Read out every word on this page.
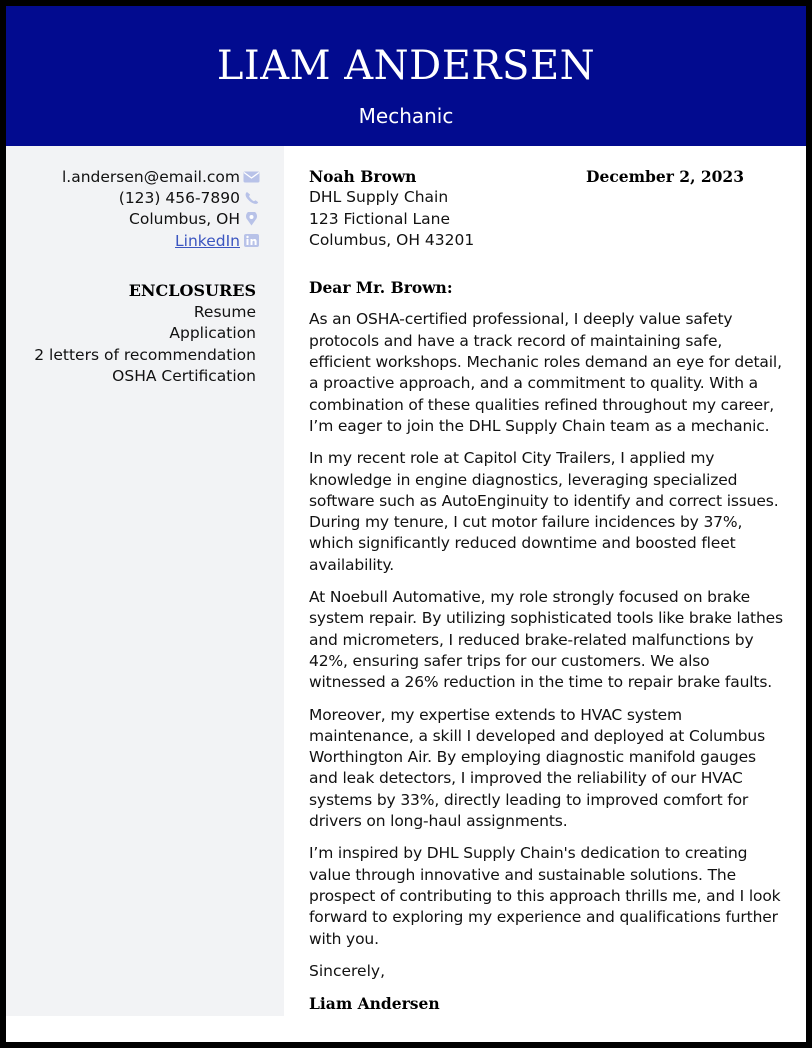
LIAM ANDERSEN
Mechanic
l.andersen@email.com
(123) 456-7890
Columbus, OH
LinkedIn
ENCLOSURES
Resume
Application
2 letters of recommendation
OSHA Certification
December 2, 2023
Noah Brown
DHL Supply Chain
123 Fictional Lane
Columbus, OH 43201
Dear Mr. Brown:
As an OSHA-certified professional, I deeply value safety protocols and have a track record of maintaining safe, efficient workshops. Mechanic roles demand an eye for detail, a proactive approach, and a commitment to quality. With a combination of these qualities refined throughout my career, I’m eager to join the DHL Supply Chain team as a mechanic.
In my recent role at Capitol City Trailers, I applied my knowledge in engine diagnostics, leveraging specialized software such as AutoEnginuity to identify and correct issues. During my tenure, I cut motor failure incidences by 37%, which significantly reduced downtime and boosted fleet availability.
At Noebull Automative, my role strongly focused on brake system repair. By utilizing sophisticated tools like brake lathes and micrometers, I reduced brake-related malfunctions by 42%, ensuring safer trips for our customers. We also witnessed a 26% reduction in the time to repair brake faults.
Moreover, my expertise extends to HVAC system maintenance, a skill I developed and deployed at Columbus Worthington Air. By employing diagnostic manifold gauges and leak detectors, I improved the reliability of our HVAC systems by 33%, directly leading to improved comfort for drivers on long-haul assignments.
I’m inspired by DHL Supply Chain's dedication to creating value through innovative and sustainable solutions. The prospect of contributing to this approach thrills me, and I look forward to exploring my experience and qualifications further with you.
Sincerely,
Liam Andersen
